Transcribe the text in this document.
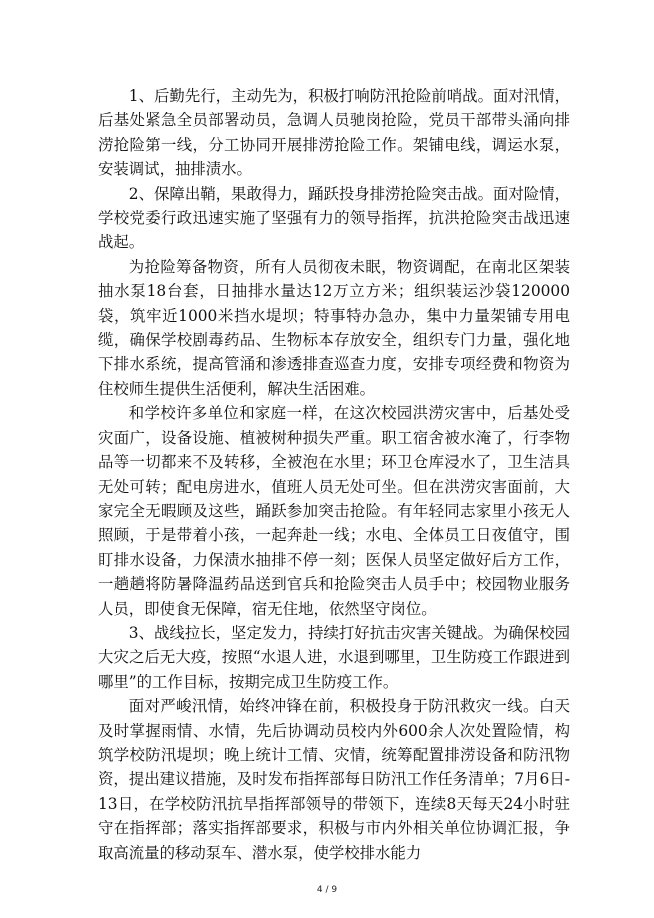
1、后勤先行，主动先为，积极打响防汛抢险前哨战。面对汛情，后基处紧急全员部署动员，急调人员驰岗抢险，党员干部带头涌向排涝抢险第一线，分工协同开展排涝抢险工作。架铺电线，调运水泵，安装调试，抽排渍水。

2、保障出鞘，果敢得力，踊跃投身排涝抢险突击战。面对险情，学校党委行政迅速实施了坚强有力的领导指挥，抗洪抢险突击战迅速战起。

为抢险筹备物资，所有人员彻夜未眠，物资调配，在南北区架装抽水泵18台套，日抽排水量达12万立方米；组织装运沙袋120000袋，筑牢近1000米挡水堤坝；特事特办急办，集中力量架铺专用电缆，确保学校剧毒药品、生物标本存放安全，组织专门力量，强化地下排水系统，提高管涌和渗透排查巡查力度，安排专项经费和物资为住校师生提供生活便利，解决生活困难。

和学校许多单位和家庭一样，在这次校园洪涝灾害中，后基处受灾面广，设备设施、植被树种损失严重。职工宿舍被水淹了，行李物品等一切都来不及转移，全被泡在水里；环卫仓库浸水了，卫生洁具无处可转；配电房进水，值班人员无处可坐。但在洪涝灾害面前，大家完全无暇顾及这些，踊跃参加突击抢险。有年轻同志家里小孩无人照顾，于是带着小孩，一起奔赴一线；水电、全体员工日夜值守，围盯排水设备，力保渍水抽排不停一刻；医保人员坚定做好后方工作，一趟趟将防暑降温药品送到官兵和抢险突击人员手中；校园物业服务人员，即使食无保障，宿无住地，依然坚守岗位。

3、战线拉长，坚定发力，持续打好抗击灾害关键战。为确保校园大灾之后无大疫，按照“水退人进，水退到哪里，卫生防疫工作跟进到哪里”的工作目标，按期完成卫生防疫工作。

面对严峻汛情，始终冲锋在前，积极投身于防汛救灾一线。白天及时掌握雨情、水情，先后协调动员校内外600余人次处置险情，构筑学校防汛堤坝；晚上统计工情、灾情，统筹配置排涝设备和防汛物资，提出建议措施，及时发布指挥部每日防汛工作任务清单；7月6日-13日，在学校防汛抗旱指挥部领导的带领下，连续8天每天24小时驻守在指挥部；落实指挥部要求，积极与市内外相关单位协调汇报，争取高流量的移动泵车、潜水泵，使学校排水能力

4 / 9
